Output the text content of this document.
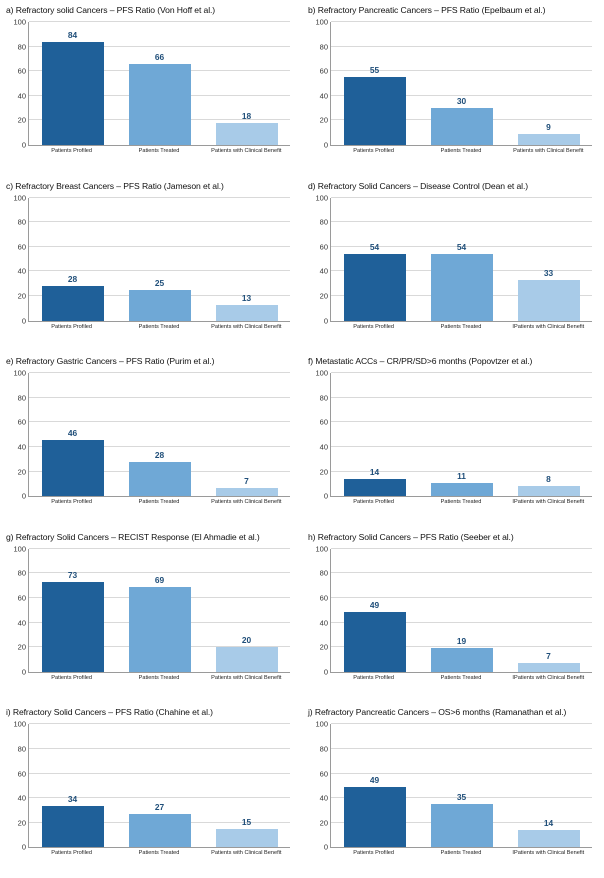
a) Refractory solid Cancers – PFS Ratio (Von Hoff et al.)
0
20
40
60
80
100
84
66
18
Patients Profiled	Patients Treated	Patients with Clinical Benefit
b) Refractory Pancreatic Cancers – PFS Ratio (Epelbaum et al.)
0
20
40
60
80
100
55
30
9
Patients Profiled	Patients Treated	Patients with Clinical Benefit
c) Refractory Breast Cancers – PFS Ratio (Jameson et al.)
0
20
40
60
80
100
28	25
13
Patients Profiled	Patients Treated	Patients with Clinical Benefit
d) Refractory Solid Cancers – Disease Control (Dean et al.)
0
20
40
60
80
100
54	54
33
Patients Profiled	Patients Treated	IPatients with Clinical Benefit
e) Refractory Gastric Cancers – PFS Ratio (Purim et al.)
0
20
40
60
80
100
46
28
7
Patients Profiled	Patients Treated	Patients with Clinical Benefit
f) Metastatic ACCs – CR/PR/SD>6 months (Popovtzer et al.)
0
20
40
60
80
100
14	11	8
Patients Profiled	Patients Treated	IPatients with Clinical Benefit
g) Refractory Solid Cancers – RECIST Response (El Ahmadie et al.)
0
20
40
60
80
100
73	69
20
Patients Profiled	Patients Treated	Patients with Clinical Benefit
h) Refractory Solid Cancers – PFS Ratio (Seeber et al.)
0
20
40
60
80
100
49
19
7
Patients Profiled	Patients Treated	IPatients with Clinical Benefit
i) Refractory Solid Cancers – PFS Ratio (Chahine et al.)
0
20
40
60
80
100
34
27
15
Patients Profiled	Patients Treated	Patients with Clinical Benefit
j) Refractory Pancreatic Cancers – OS>6 months (Ramanathan et al.)
0
20
40
60
80
100
49
35
14
Patients Profiled	Patients Treated	IPatients with Clinical Benefit
